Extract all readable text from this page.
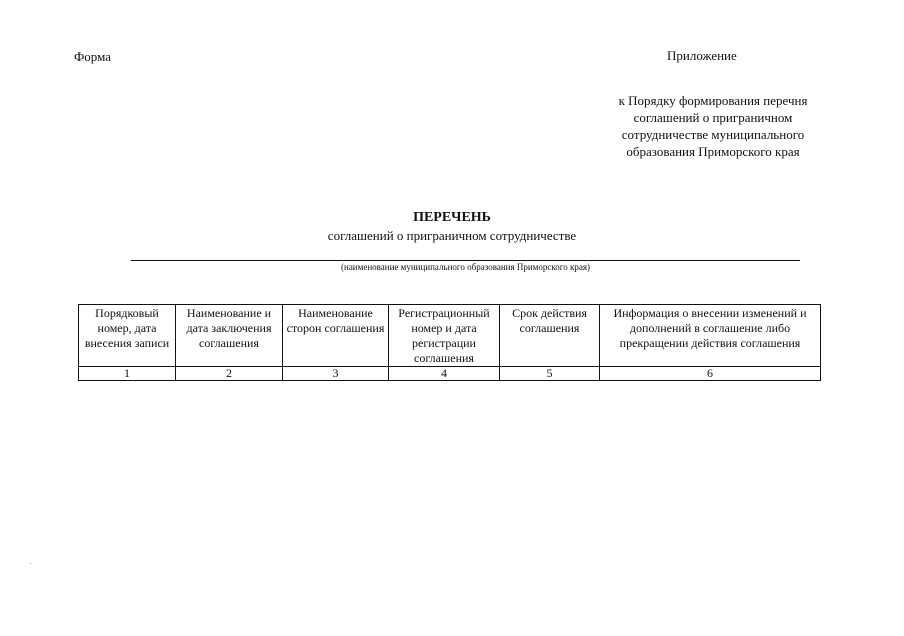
Форма	Приложение
к Порядку формирования перечня
соглашений о приграничном
сотрудничестве муниципального
образования Приморского края
ПЕРЕЧЕНЬ
соглашений о приграничном сотрудничестве
(наименование муниципального образования Приморского края)
Порядковый номер, дата внесения записи	Наименование и дата заключения соглашения	Наименование сторон соглашения	Регистрационный номер и дата регистрации соглашения	Срок действия соглашения	Информация о внесении изменений и дополнений в соглашение либо прекращении действия соглашения
1	2	3	4	5	6
